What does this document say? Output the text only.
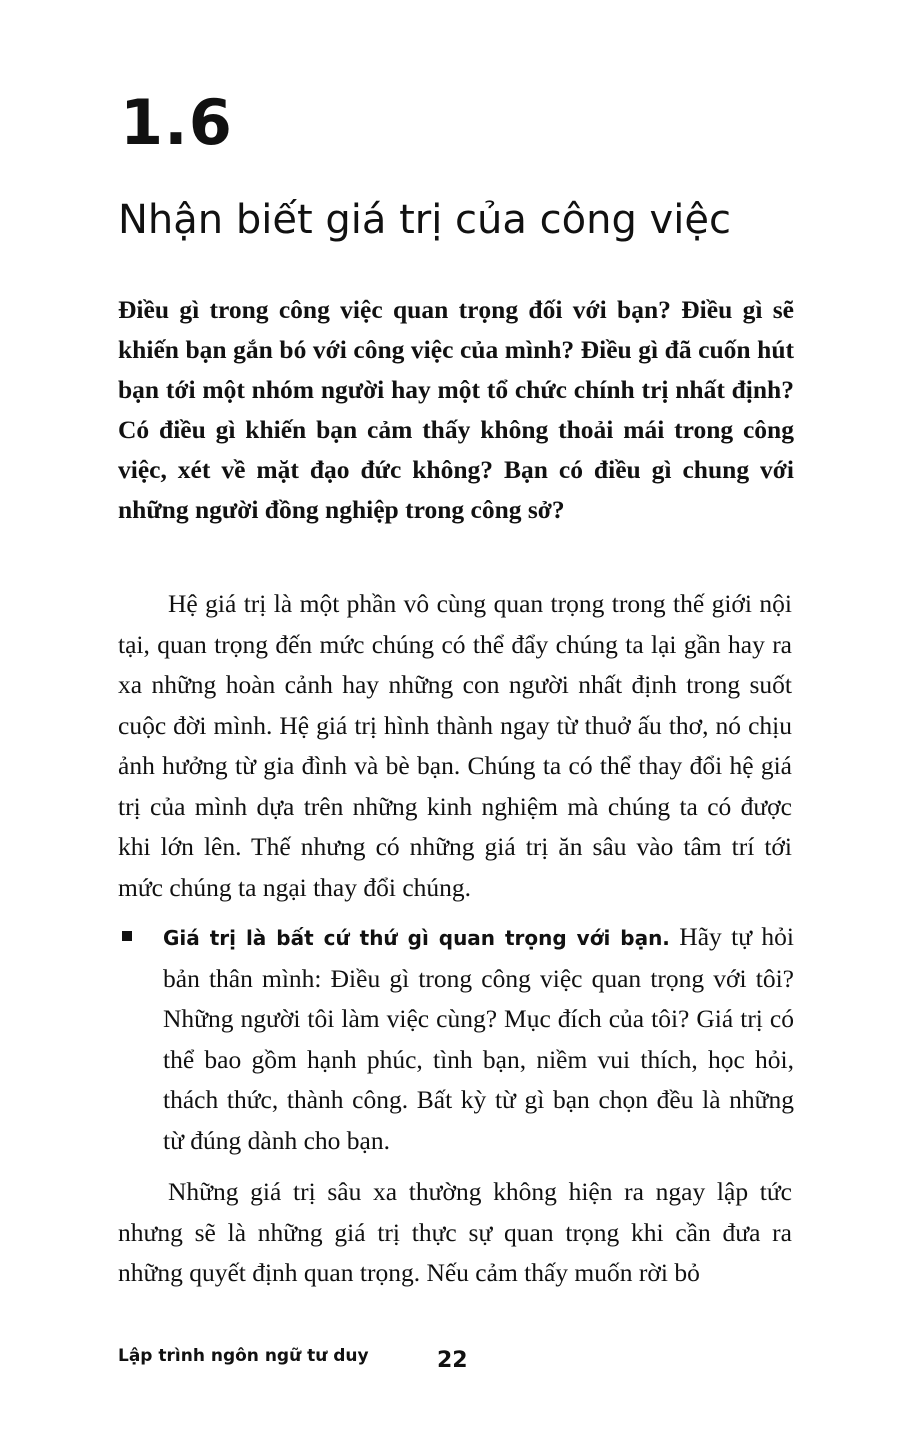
1.6
Nhận biết giá trị của công việc

Điều gì trong công việc quan trọng đối với bạn? Điều gì sẽ khiến bạn gắn bó với công việc của mình? Điều gì đã cuốn hút bạn tới một nhóm người hay một tổ chức chính trị nhất định? Có điều gì khiến bạn cảm thấy không thoải mái trong công việc, xét về mặt đạo đức không? Bạn có điều gì chung với những người đồng nghiệp trong công sở?

Hệ giá trị là một phần vô cùng quan trọng trong thế giới nội tại, quan trọng đến mức chúng có thể đẩy chúng ta lại gần hay ra xa những hoàn cảnh hay những con người nhất định trong suốt cuộc đời mình. Hệ giá trị hình thành ngay từ thuở ấu thơ, nó chịu ảnh hưởng từ gia đình và bè bạn. Chúng ta có thể thay đổi hệ giá trị của mình dựa trên những kinh nghiệm mà chúng ta có được khi lớn lên. Thế nhưng có những giá trị ăn sâu vào tâm trí tới mức chúng ta ngại thay đổi chúng.

Giá trị là bất cứ thứ gì quan trọng với bạn. Hãy tự hỏi bản thân mình: Điều gì trong công việc quan trọng với tôi? Những người tôi làm việc cùng? Mục đích của tôi? Giá trị có thể bao gồm hạnh phúc, tình bạn, niềm vui thích, học hỏi, thách thức, thành công. Bất kỳ từ gì bạn chọn đều là những từ đúng dành cho bạn.

Những giá trị sâu xa thường không hiện ra ngay lập tức nhưng sẽ là những giá trị thực sự quan trọng khi cần đưa ra những quyết định quan trọng. Nếu cảm thấy muốn rời bỏ

Lập trình ngôn ngữ tư duy	22
